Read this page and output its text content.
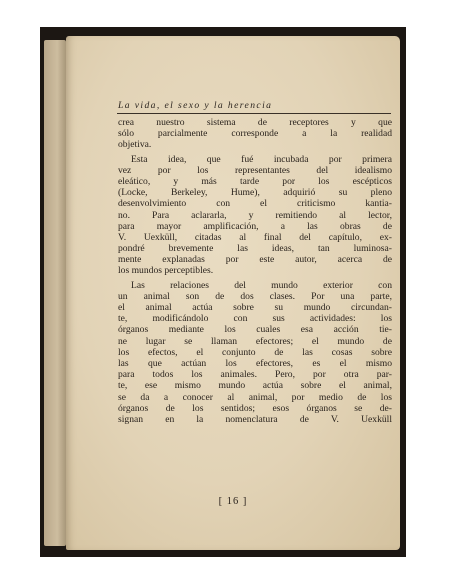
La vida, el sexo y la herencia
crea nuestro sistema de receptores y que
sólo parcialmente corresponde a la realidad
objetiva.
Esta idea, que fué incubada por primera
vez por los representantes del idealismo
eleático, y más tarde por los escépticos
(Locke, Berkeley, Hume), adquirió su pleno
desenvolvimiento con el criticismo kantia-
no. Para aclararla, y remitiendo al lector,
para mayor amplificación, a las obras de
V. Uexküll, citadas al final del capítulo, ex-
pondré brevemente las ideas, tan luminosa-
mente explanadas por este autor, acerca de
los mundos perceptibles.
Las relaciones del mundo exterior con
un animal son de dos clases. Por una parte,
el animal actúa sobre su mundo circundan-
te, modificándolo con sus actividades: los
órganos mediante los cuales esa acción tie-
ne lugar se llaman efectores; el mundo de
los efectos, el conjunto de las cosas sobre
las que actúan los efectores, es el mismo
para todos los animales. Pero, por otra par-
te, ese mismo mundo actúa sobre el animal,
se da a conocer al animal, por medio de los
órganos de los sentidos; esos órganos se de-
signan en la nomenclatura de V. Uexküll
[ 16 ]
